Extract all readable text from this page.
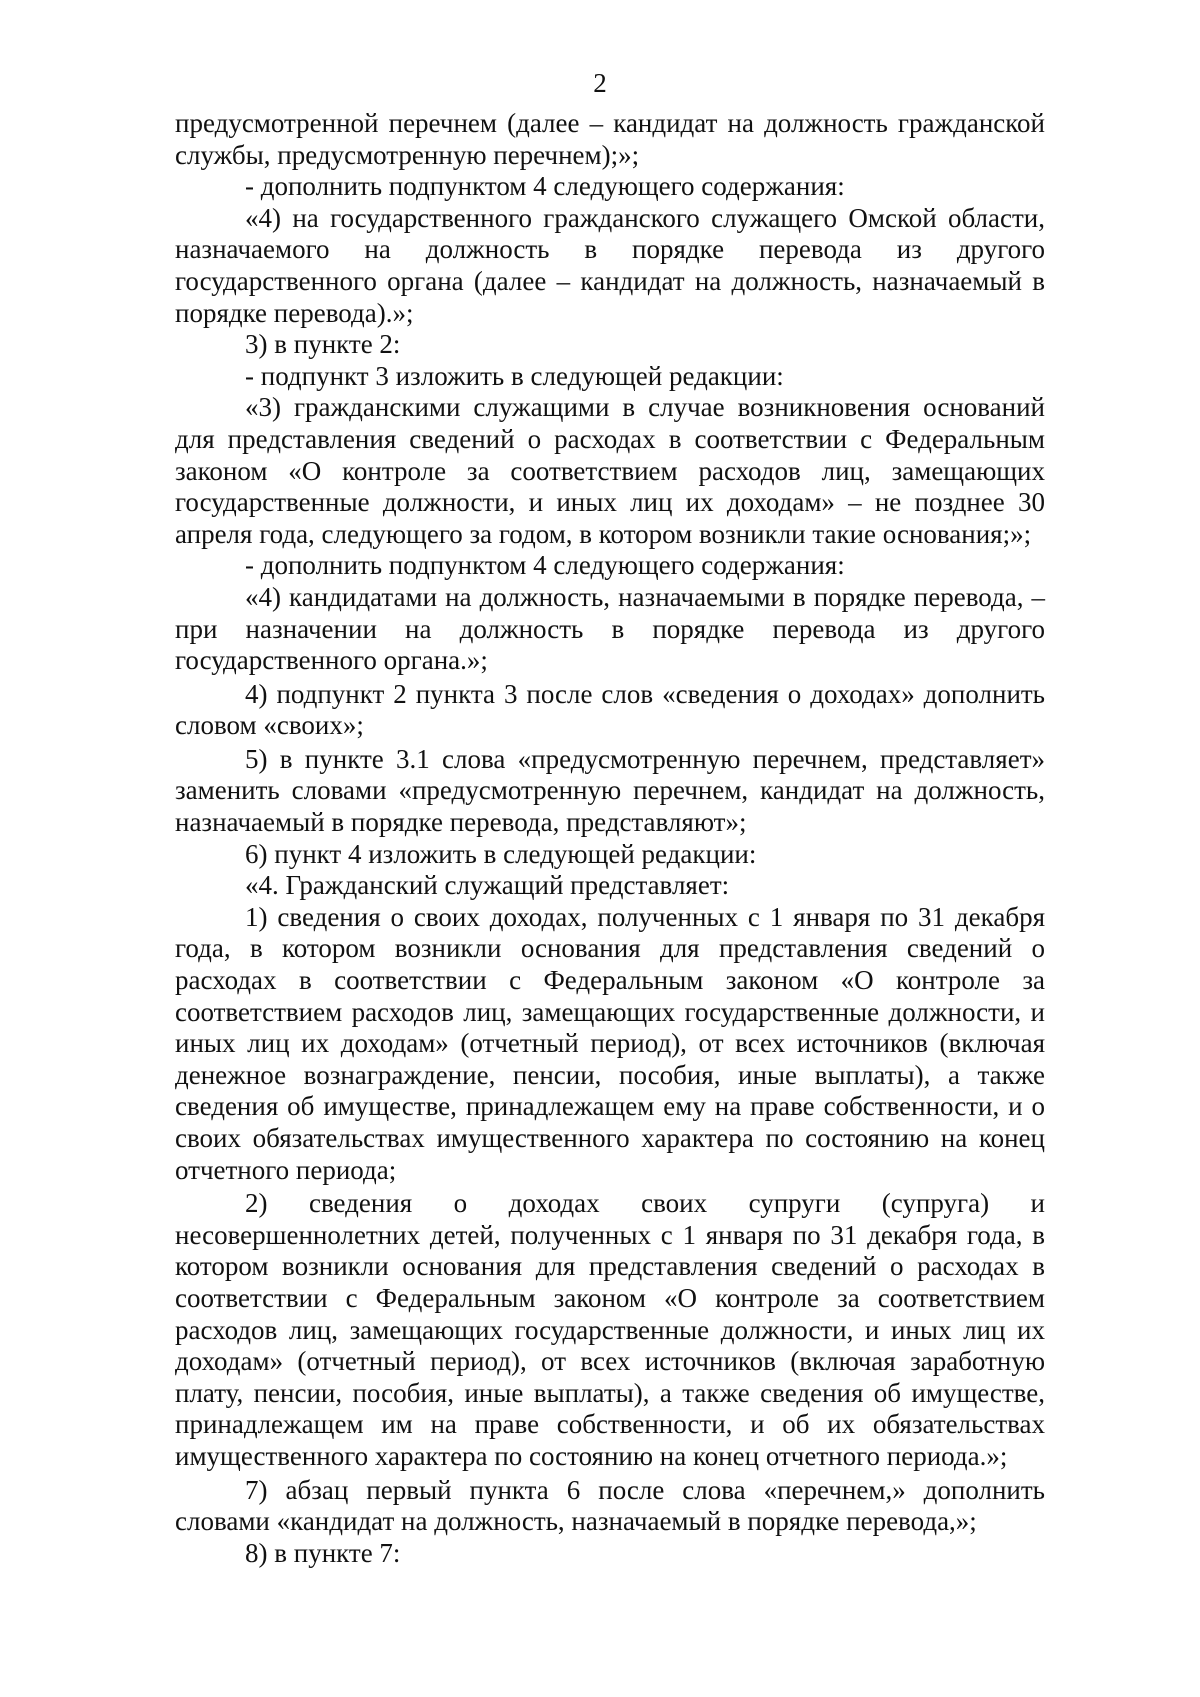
2

предусмотренной перечнем (далее – кандидат на должность гражданской службы, предусмотренную перечнем);»;

- дополнить подпунктом 4 следующего содержания:

«4) на государственного гражданского служащего Омской области, назначаемого на должность в порядке перевода из другого государственного органа (далее – кандидат на должность, назначаемый в порядке перевода).»;

3) в пункте 2:

- подпункт 3 изложить в следующей редакции:

«3) гражданскими служащими в случае возникновения оснований для представления сведений о расходах в соответствии с Федеральным законом «О контроле за соответствием расходов лиц, замещающих государственные должности, и иных лиц их доходам» – не позднее 30 апреля года, следующего за годом, в котором возникли такие основания;»;

- дополнить подпунктом 4 следующего содержания:

«4) кандидатами на должность, назначаемыми в порядке перевода, – при назначении на должность в порядке перевода из другого государственного органа.»;

4) подпункт 2 пункта 3 после слов «сведения о доходах» дополнить словом «своих»;

5) в пункте 3.1 слова «предусмотренную перечнем, представляет» заменить словами «предусмотренную перечнем, кандидат на должность, назначаемый в порядке перевода, представляют»;

6) пункт 4 изложить в следующей редакции:

«4. Гражданский служащий представляет:

1) сведения о своих доходах, полученных с 1 января по 31 декабря года, в котором возникли основания для представления сведений о расходах в соответствии с Федеральным законом «О контроле за соответствием расходов лиц, замещающих государственные должности, и иных лиц их доходам» (отчетный период), от всех источников (включая денежное вознаграждение, пенсии, пособия, иные выплаты), а также сведения об имуществе, принадлежащем ему на праве собственности, и о своих обязательствах имущественного характера по состоянию на конец отчетного периода;

2) сведения о доходах своих супруги (супруга) и несовершеннолетних детей, полученных с 1 января по 31 декабря года, в котором возникли основания для представления сведений о расходах в соответствии с Федеральным законом «О контроле за соответствием расходов лиц, замещающих государственные должности, и иных лиц их доходам» (отчетный период), от всех источников (включая заработную плату, пенсии, пособия, иные выплаты), а также сведения об имуществе, принадлежащем им на праве собственности, и об их обязательствах имущественного характера по состоянию на конец отчетного периода.»;

7) абзац первый пункта 6 после слова «перечнем,» дополнить словами «кандидат на должность, назначаемый в порядке перевода,»;

8) в пункте 7:
